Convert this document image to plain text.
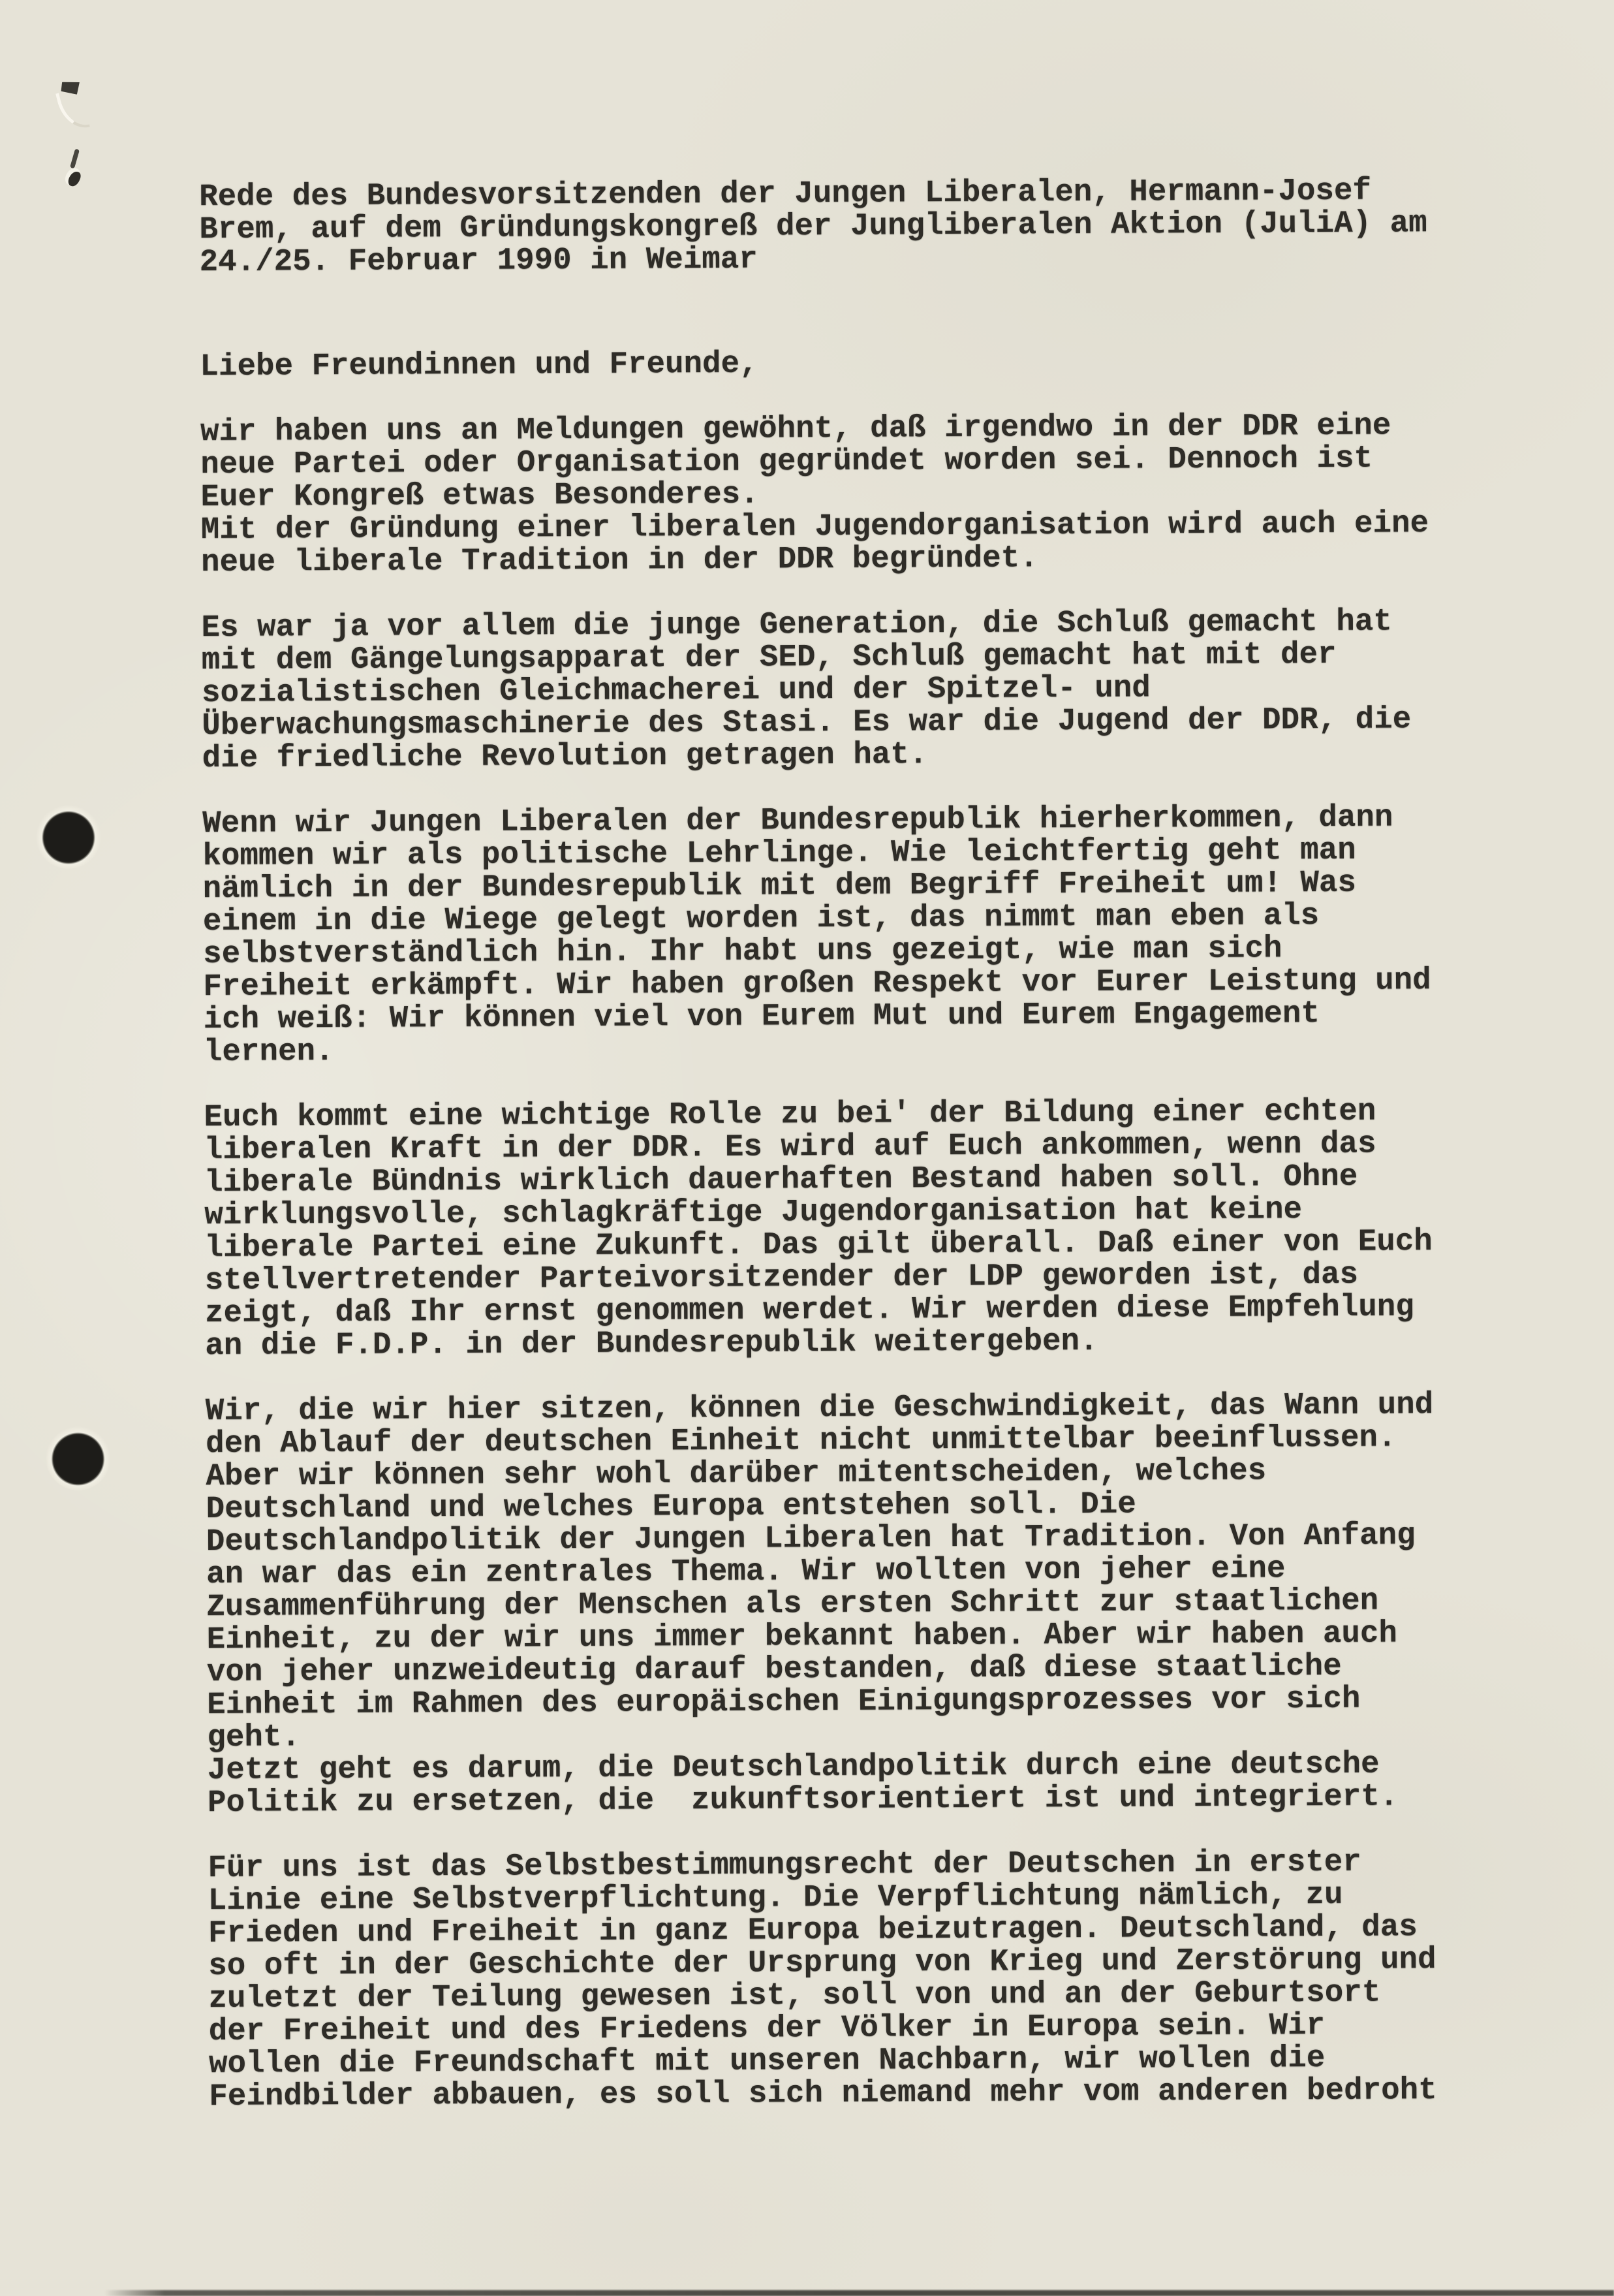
Rede des Bundesvorsitzenden der Jungen Liberalen, Hermann-Josef
Brem, auf dem Gründungskongreß der Jungliberalen Aktion (JuliA) am
24./25. Februar 1990 in Weimar

Liebe Freundinnen und Freunde,

wir haben uns an Meldungen gewöhnt, daß irgendwo in der DDR eine
neue Partei oder Organisation gegründet worden sei. Dennoch ist
Euer Kongreß etwas Besonderes.
Mit der Gründung einer liberalen Jugendorganisation wird auch eine
neue liberale Tradition in der DDR begründet.

Es war ja vor allem die junge Generation, die Schluß gemacht hat
mit dem Gängelungsapparat der SED, Schluß gemacht hat mit der
sozialistischen Gleichmacherei und der Spitzel- und
Überwachungsmaschinerie des Stasi. Es war die Jugend der DDR, die
die friedliche Revolution getragen hat.

Wenn wir Jungen Liberalen der Bundesrepublik hierherkommen, dann
kommen wir als politische Lehrlinge. Wie leichtfertig geht man
nämlich in der Bundesrepublik mit dem Begriff Freiheit um! Was
einem in die Wiege gelegt worden ist, das nimmt man eben als
selbstverständlich hin. Ihr habt uns gezeigt, wie man sich
Freiheit erkämpft. Wir haben großen Respekt vor Eurer Leistung und
ich weiß: Wir können viel von Eurem Mut und Eurem Engagement
lernen.

Euch kommt eine wichtige Rolle zu bei' der Bildung einer echten
liberalen Kraft in der DDR. Es wird auf Euch ankommen, wenn das
liberale Bündnis wirklich dauerhaften Bestand haben soll. Ohne
wirklungsvolle, schlagkräftige Jugendorganisation hat keine
liberale Partei eine Zukunft. Das gilt überall. Daß einer von Euch
stellvertretender Parteivorsitzender der LDP geworden ist, das
zeigt, daß Ihr ernst genommen werdet. Wir werden diese Empfehlung
an die F.D.P. in der Bundesrepublik weitergeben.

Wir, die wir hier sitzen, können die Geschwindigkeit, das Wann und
den Ablauf der deutschen Einheit nicht unmittelbar beeinflussen.
Aber wir können sehr wohl darüber mitentscheiden, welches
Deutschland und welches Europa entstehen soll. Die
Deutschlandpolitik der Jungen Liberalen hat Tradition. Von Anfang
an war das ein zentrales Thema. Wir wollten von jeher eine
Zusammenführung der Menschen als ersten Schritt zur staatlichen
Einheit, zu der wir uns immer bekannt haben. Aber wir haben auch
von jeher unzweideutig darauf bestanden, daß diese staatliche
Einheit im Rahmen des europäischen Einigungsprozesses vor sich
geht.
Jetzt geht es darum, die Deutschlandpolitik durch eine deutsche
Politik zu ersetzen, die  zukunftsorientiert ist und integriert.

Für uns ist das Selbstbestimmungsrecht der Deutschen in erster
Linie eine Selbstverpflichtung. Die Verpflichtung nämlich, zu
Frieden und Freiheit in ganz Europa beizutragen. Deutschland, das
so oft in der Geschichte der Ursprung von Krieg und Zerstörung und
zuletzt der Teilung gewesen ist, soll von und an der Geburtsort
der Freiheit und des Friedens der Völker in Europa sein. Wir
wollen die Freundschaft mit unseren Nachbarn, wir wollen die
Feindbilder abbauen, es soll sich niemand mehr vom anderen bedroht
